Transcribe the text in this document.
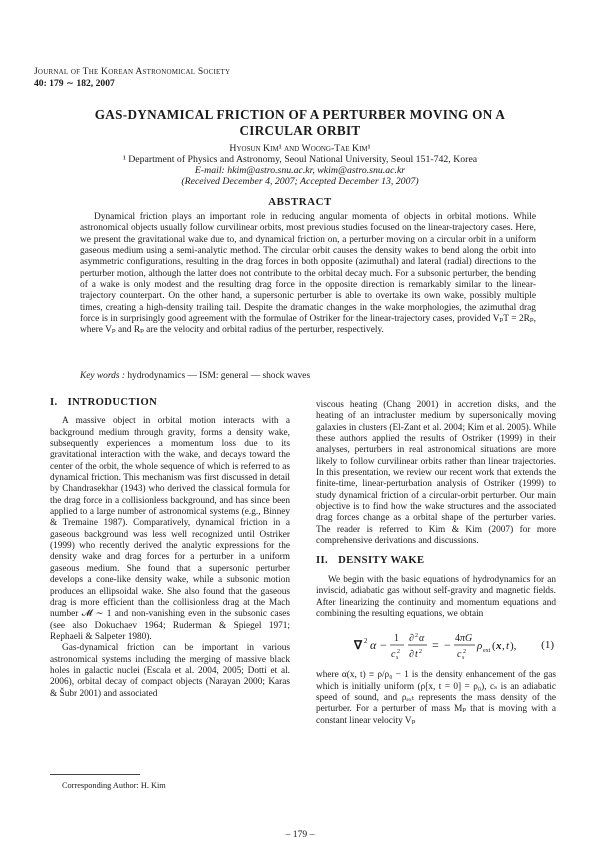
Journal of The Korean Astronomical Society
40: 179 ∼ 182, 2007
GAS-DYNAMICAL FRICTION OF A PERTURBER MOVING ON A CIRCULAR ORBIT
Hyosun Kim¹ and Woong-Tae Kim¹
¹ Department of Physics and Astronomy, Seoul National University, Seoul 151-742, Korea
E-mail: hkim@astro.snu.ac.kr, wkim@astro.snu.ac.kr
(Received December 4, 2007; Accepted December 13, 2007)
ABSTRACT

Dynamical friction plays an important role in reducing angular momenta of objects in orbital motions. While astronomical objects usually follow curvilinear orbits, most previous studies focused on the linear-trajectory cases. Here, we present the gravitational wake due to, and dynamical friction on, a perturber moving on a circular orbit in a uniform gaseous medium using a semi-analytic method. The circular orbit causes the density wakes to bend along the orbit into asymmetric configurations, resulting in the drag forces in both opposite (azimuthal) and lateral (radial) directions to the perturber motion, although the latter does not contribute to the orbital decay much. For a subsonic perturber, the bending of a wake is only modest and the resulting drag force in the opposite direction is remarkably similar to the linear-trajectory counterpart. On the other hand, a supersonic perturber is able to overtake its own wake, possibly multiple times, creating a high-density trailing tail. Despite the dramatic changes in the wake morphologies, the azimuthal drag force is in surprisingly good agreement with the formulae of Ostriker for the linear-trajectory cases, provided VₚT = 2Rₚ, where Vₚ and Rₚ are the velocity and orbital radius of the perturber, respectively.

Key words : hydrodynamics — ISM: general — shock waves
I. INTRODUCTION

A massive object in orbital motion interacts with a background medium through gravity, forms a density wake, subsequently experiences a momentum loss due to its gravitational interaction with the wake, and decays toward the center of the orbit, the whole sequence of which is referred to as dynamical friction. This mechanism was first discussed in detail by Chandrasekhar (1943) who derived the classical formula for the drag force in a collisionless background, and has since been applied to a large number of astronomical systems (e.g., Binney & Tremaine 1987). Comparatively, dynamical friction in a gaseous background was less well recognized until Ostriker (1999) who recently derived the analytic expressions for the density wake and drag forces for a perturber in a uniform gaseous medium. She found that a supersonic perturber develops a cone-like density wake, while a subsonic motion produces an ellipsoidal wake. She also found that the gaseous drag is more efficient than the collisionless drag at the Mach number 𝓜 ∼ 1 and non-vanishing even in the subsonic cases (see also Dokuchaev 1964; Ruderman & Spiegel 1971; Rephaeli & Salpeter 1980).

Gas-dynamical friction can be important in various astronomical systems including the merging of massive black holes in galactic nuclei (Escala et al. 2004, 2005; Dotti et al. 2006), orbital decay of compact objects (Narayan 2000; Karas & Šubr 2001) and associated

viscous heating (Chang 2001) in accretion disks, and the heating of an intracluster medium by supersonically moving galaxies in clusters (El-Zant et al. 2004; Kim et al. 2005). While these authors applied the results of Ostriker (1999) in their analyses, perturbers in real astronomical situations are more likely to follow curvilinear orbits rather than linear trajectories. In this presentation, we review our recent work that extends the finite-time, linear-perturbation analysis of Ostriker (1999) to study dynamical friction of a circular-orbit perturber. Our main objective is to find how the wake structures and the associated drag forces change as a orbital shape of the perturber varies. The reader is referred to Kim & Kim (2007) for more comprehensive derivations and discussions.

II. DENSITY WAKE

We begin with the basic equations of hydrodynamics for an inviscid, adiabatic gas without self-gravity and magnetic fields. After linearizing the continuity and momentum equations and combining the resulting equations, we obtain

∇ 2 α − 1
c s
2
∂ 2 α
∂ t 2 = − 4 πG
c s
2 ρ ext ( x , t ), (1)

where α(x, t) ≡ ρ/ρ₀ − 1 is the density enhancement of the gas which is initially uniform (ρ[x, t = 0] = ρ₀), cₛ is an adiabatic speed of sound, and ρₑₓₜ represents the mass density of the perturber. For a perturber of mass Mₚ that is moving with a constant linear velocity Vₚ

Corresponding Author: H. Kim
– 179 –
